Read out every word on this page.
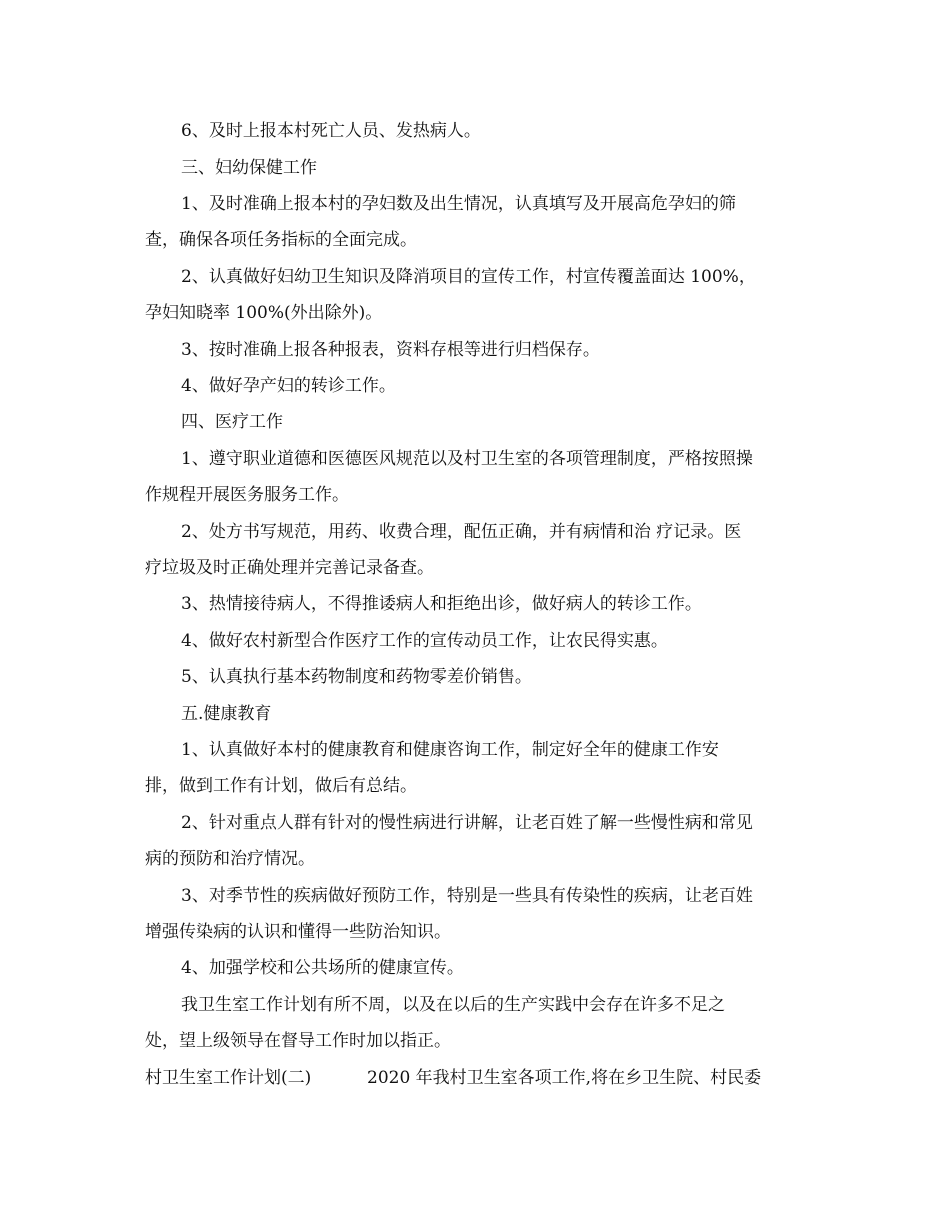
6、及时上报本村死亡人员、发热病人。
三、妇幼保健工作
1、及时准确上报本村的孕妇数及出生情况，认真填写及开展高危孕妇的筛
查，确保各项任务指标的全面完成。
2、认真做好妇幼卫生知识及降消项目的宣传工作，村宣传覆盖面达 100%，
孕妇知晓率 100%(外出除外)。
3、按时准确上报各种报表，资料存根等进行归档保存。
4、做好孕产妇的转诊工作。
四、医疗工作
1、遵守职业道德和医德医风规范以及村卫生室的各项管理制度，严格按照操
作规程开展医务服务工作。
2、处方书写规范，用药、收费合理，配伍正确，并有病情和治 疗记录。医
疗垃圾及时正确处理并完善记录备查。
3、热情接待病人，不得推诿病人和拒绝出诊，做好病人的转诊工作。
4、做好农村新型合作医疗工作的宣传动员工作，让农民得实惠。
5、认真执行基本药物制度和药物零差价销售。
五.健康教育
1、认真做好本村的健康教育和健康咨询工作，制定好全年的健康工作安
排，做到工作有计划，做后有总结。
2、针对重点人群有针对的慢性病进行讲解，让老百姓了解一些慢性病和常见
病的预防和治疗情况。
3、对季节性的疾病做好预防工作，特别是一些具有传染性的疾病，让老百姓
增强传染病的认识和懂得一些防治知识。
4、加强学校和公共场所的健康宣传。
我卫生室工作计划有所不周，以及在以后的生产实践中会存在许多不足之
处，望上级领导在督导工作时加以指正。
村卫生室工作计划(二)	2020 年我村卫生室各项工作,将在乡卫生院、村民委
